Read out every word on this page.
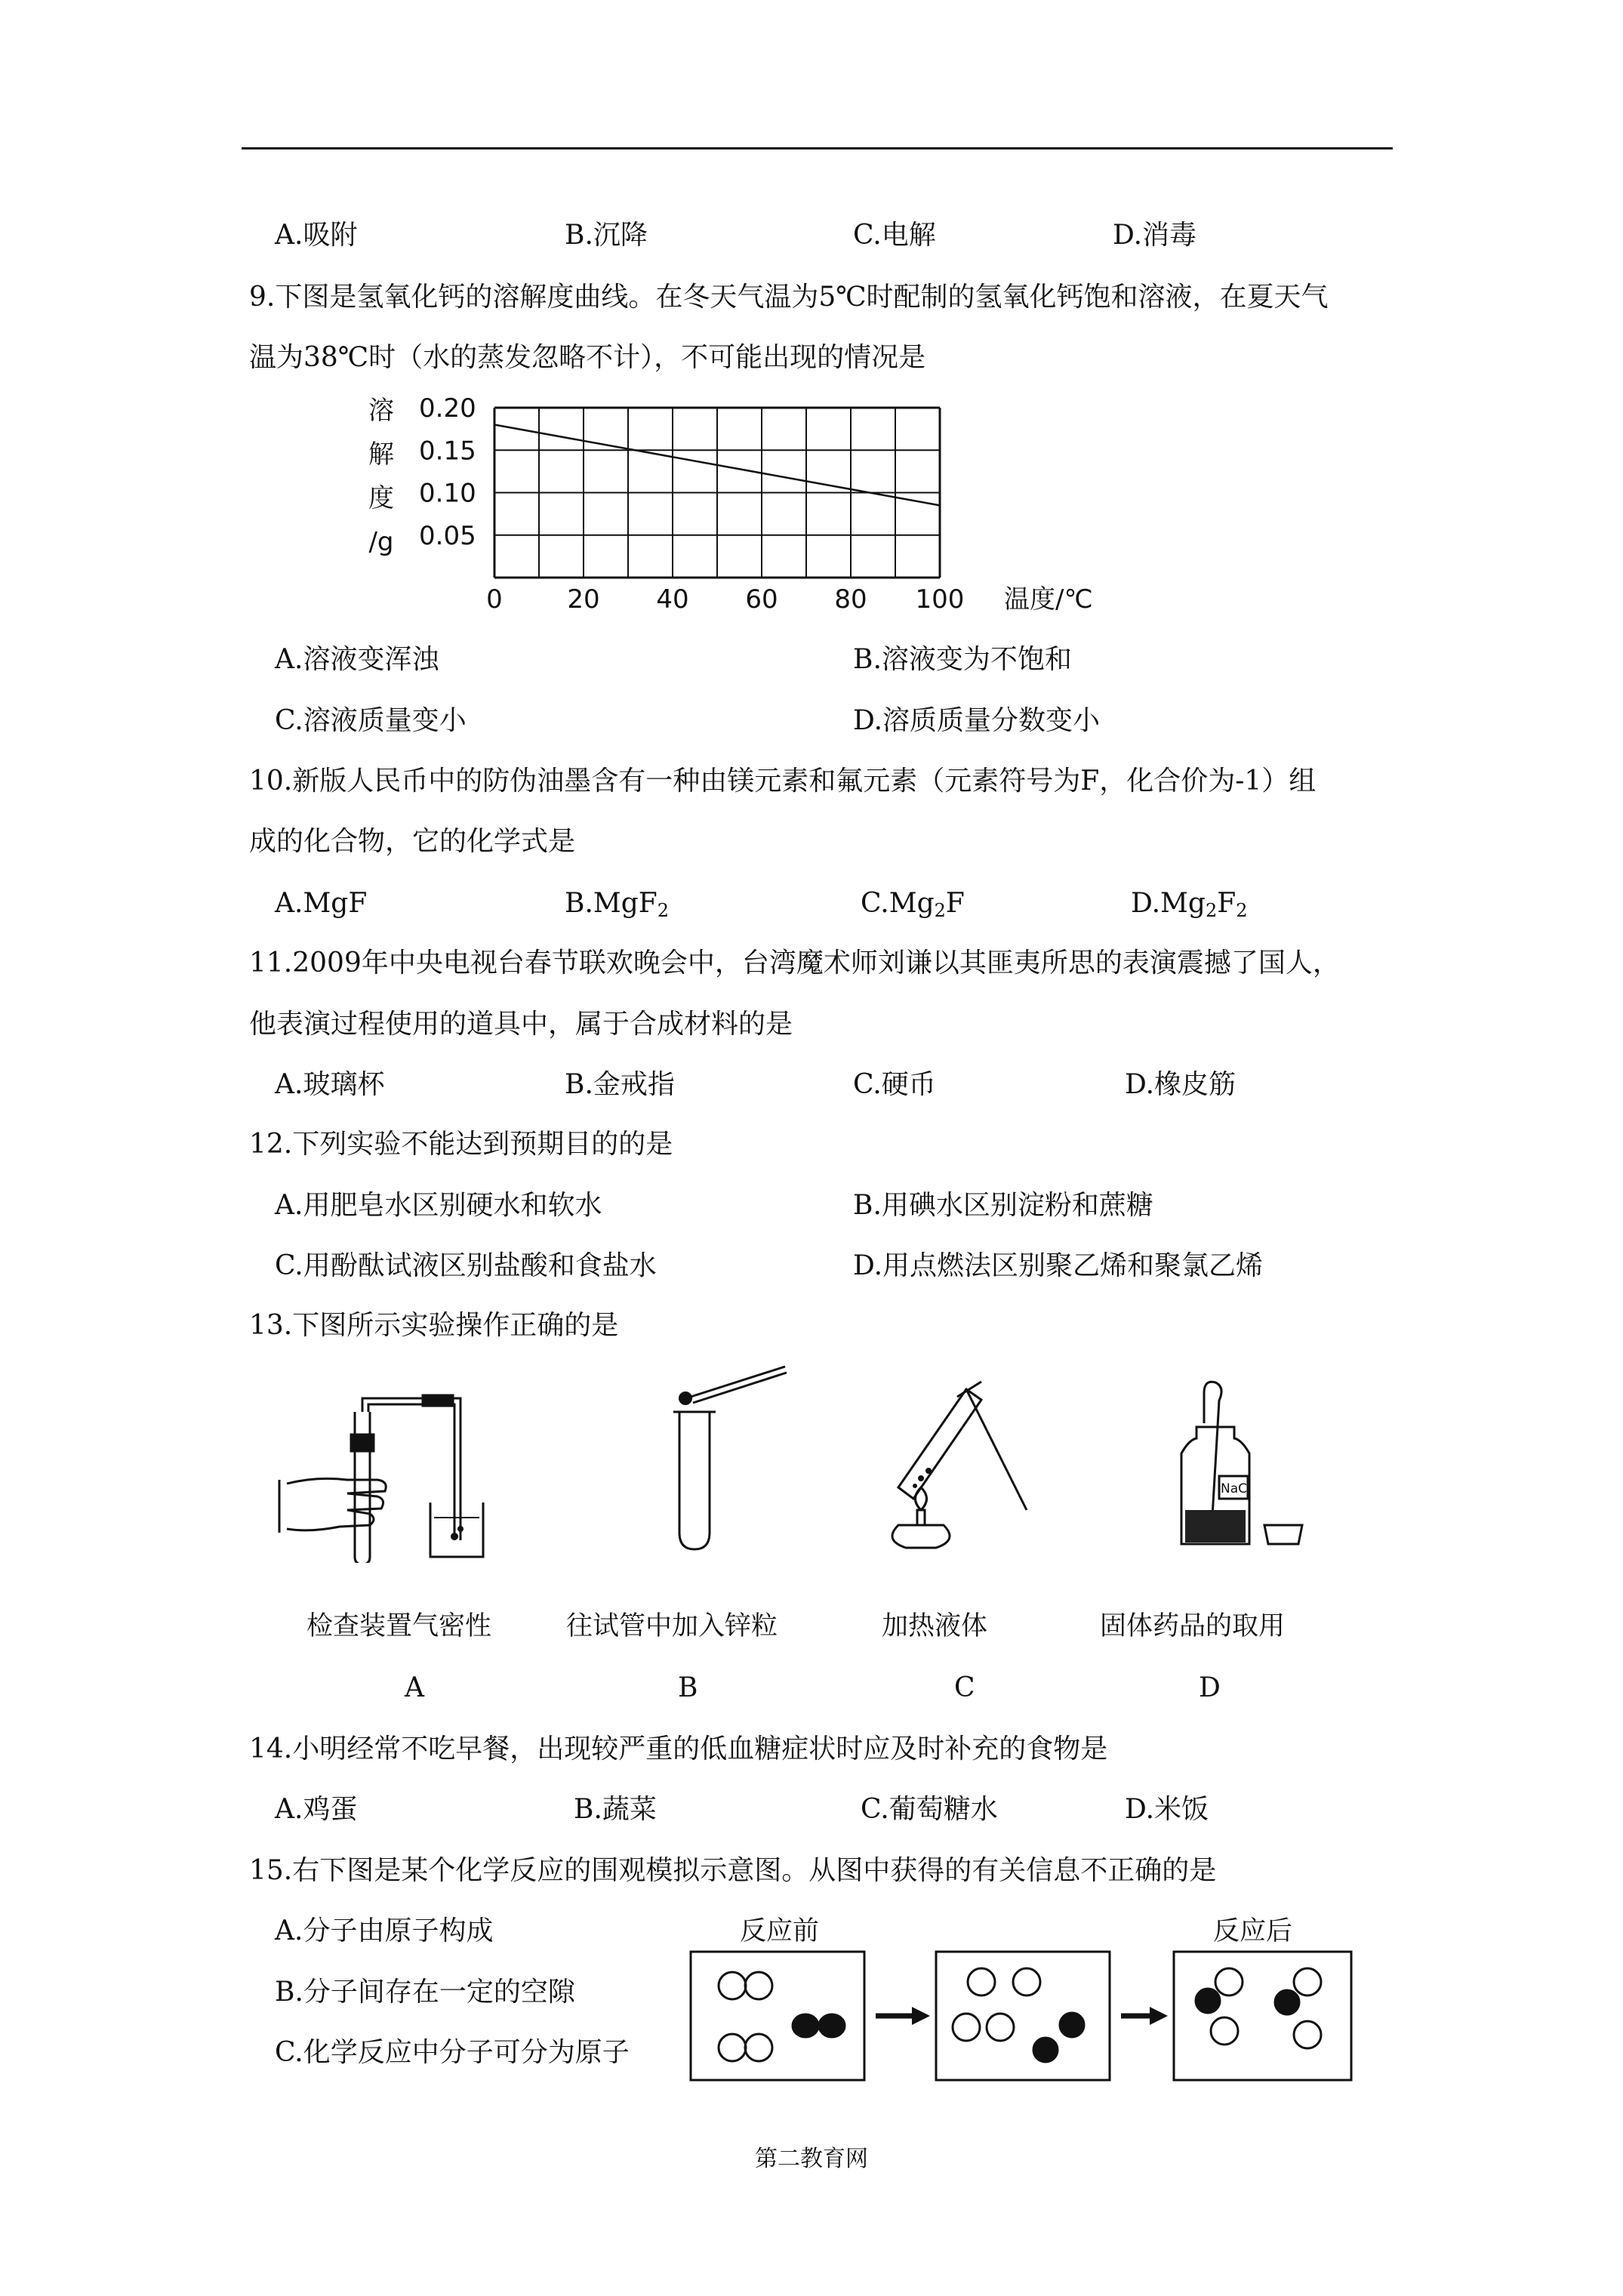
A.吸附	B.沉降	C.电解	D.消毒
9.下图是氢氧化钙的溶解度曲线。在冬天气温为5℃时配制的氢氧化钙饱和溶液，在夏天气
温为38℃时（水的蒸发忽略不计），不可能出现的情况是
0.20
0.15
0.10
0.05
0	20 40 60 80 100
溶
解
度
/g
温度/℃
A.溶液变浑浊	B.溶液变为不饱和
C.溶液质量变小	D.溶质质量分数变小
10.新版人民币中的防伪油墨含有一种由镁元素和氟元素（元素符号为F，化合价为-1）组
成的化合物，它的化学式是
A.MgF	B.MgF$_2$	$C.Mg_2F$	$D.Mg_2F_2$
11.2009年中央电视台春节联欢晚会中，台湾魔术师刘谦以其匪夷所思的表演震撼了国人，
他表演过程使用的道具中，属于合成材料的是
A.玻璃杯	B.金戒指	C.硬币	D.橡皮筋
12.下列实验不能达到预期目的的是
A.用肥皂水区别硬水和软水	B.用碘水区别淀粉和蔗糖
C.用酚酞试液区别盐酸和食盐水	D.用点燃法区别聚乙烯和聚氯乙烯
13.下图所示实验操作正确的是
NaCl
检查装置气密性	往试管中加入锌粒	加热液体	固体药品的取用
A	B	C	D
14.小明经常不吃早餐，出现较严重的低血糖症状时应及时补充的食物是
A.鸡蛋	B.蔬菜	C.葡萄糖水	D.米饭
15.右下图是某个化学反应的围观模拟示意图。从图中获得的有关信息不正确的是
A.分子由原子构成
B.分子间存在一定的空隙
C.化学反应中分子可分为原子
反应前	反应后
第二教育网
